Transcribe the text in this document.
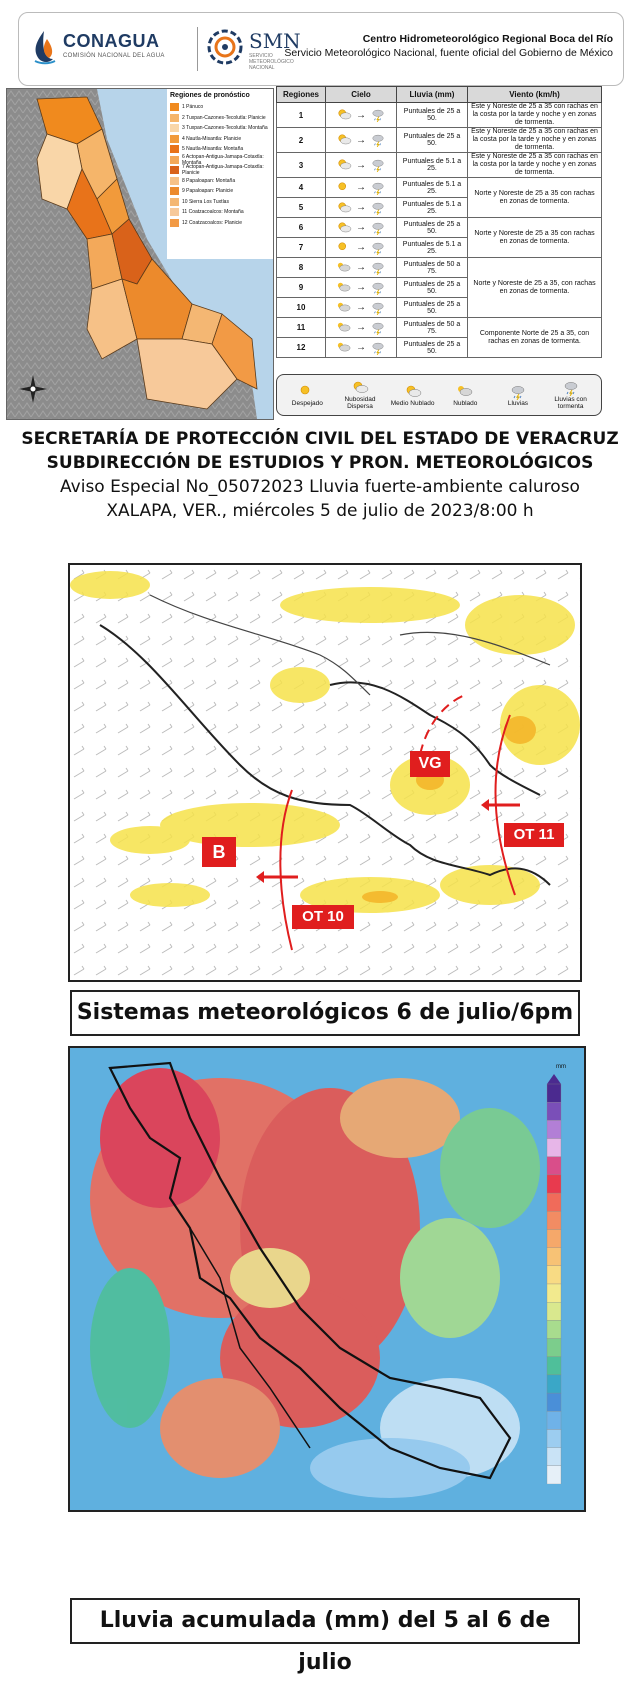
CONAGUA
COMISIÓN NACIONAL DEL AGUA
SMN
SERVICIO METEOROLÓGICO NACIONAL
Centro Hidrometeorológico Regional Boca del Río
Servicio Meteorológico Nacional, fuente oficial del Gobierno de México
Regiones de pronóstico
1 Pánuco
2 Tuxpan-Cazones-Tecolutla: Planicie
3 Tuxpan-Cazones-Tecolutla: Montaña
4 Nautla-Misantla: Planicie
5 Nautla-Misantla: Montaña
6 Actopan-Antigua-Jamapa-Cotaxtla: Montaña
7 Actopan-Antigua-Jamapa-Cotaxtla: Planicie
8 Papaloapan: Montaña
9 Papaloapan: Planicie
10 Sierra Los Tuxtlas
11 Coatzacoalcos: Montaña
12 Coatzacoalcos: Planicie
Regiones	Cielo	Lluvia (mm)	Viento (km/h)
1	→	Puntuales de 25 a 50.	Este y Noreste de 25 a 35 con rachas en la costa por la tarde y noche y en zonas de tormenta.
2	→	Puntuales de 25 a 50.	Este y Noreste de 25 a 35 con rachas en la costa por la tarde y noche y en zonas de tormenta.
3	→	Puntuales de 5.1 a 25.	Este y Noreste de 25 a 35 con rachas en la costa por la tarde y noche y en zonas de tormenta.
4	→	Puntuales de 5.1 a 25.	Norte y Noreste de 25 a 35 con rachas en zonas de tormenta.
5	→	Puntuales de 5.1 a 25.	
6	→	Puntuales de 25 a 50.	Norte y Noreste de 25 a 35 con rachas en zonas de tormenta.
7	→	Puntuales de 5.1 a 25.	
8	→	Puntuales de 50 a 75.	Norte y Noreste de 25 a 35, con rachas en zonas de tormenta.
9	→	Puntuales de 25 a 50.	
10	→	Puntuales de 25 a 50.	
11	→	Puntuales de 50 a 75.	Componente Norte de 25 a 35, con rachas en zonas de tormenta.
12	→	Puntuales de 25 a 50.	
Despejado	Nubosidad Dispersa	Medio Nublado	Nublado	Lluvias	Lluvias con tormenta
SECRETARÍA DE PROTECCIÓN CIVIL DEL ESTADO DE VERACRUZ
SUBDIRECCIÓN DE ESTUDIOS Y PRON. METEOROLÓGICOS
Aviso Especial No_05072023 Lluvia fuerte-ambiente caluroso
XALAPA, VER., miércoles 5 de julio de 2023/8:00 h
B
VG
OT 10
OT 11
Sistemas meteorológicos 6 de julio/6pm
mm
Lluvia acumulada (mm) del 5 al 6 de julio
